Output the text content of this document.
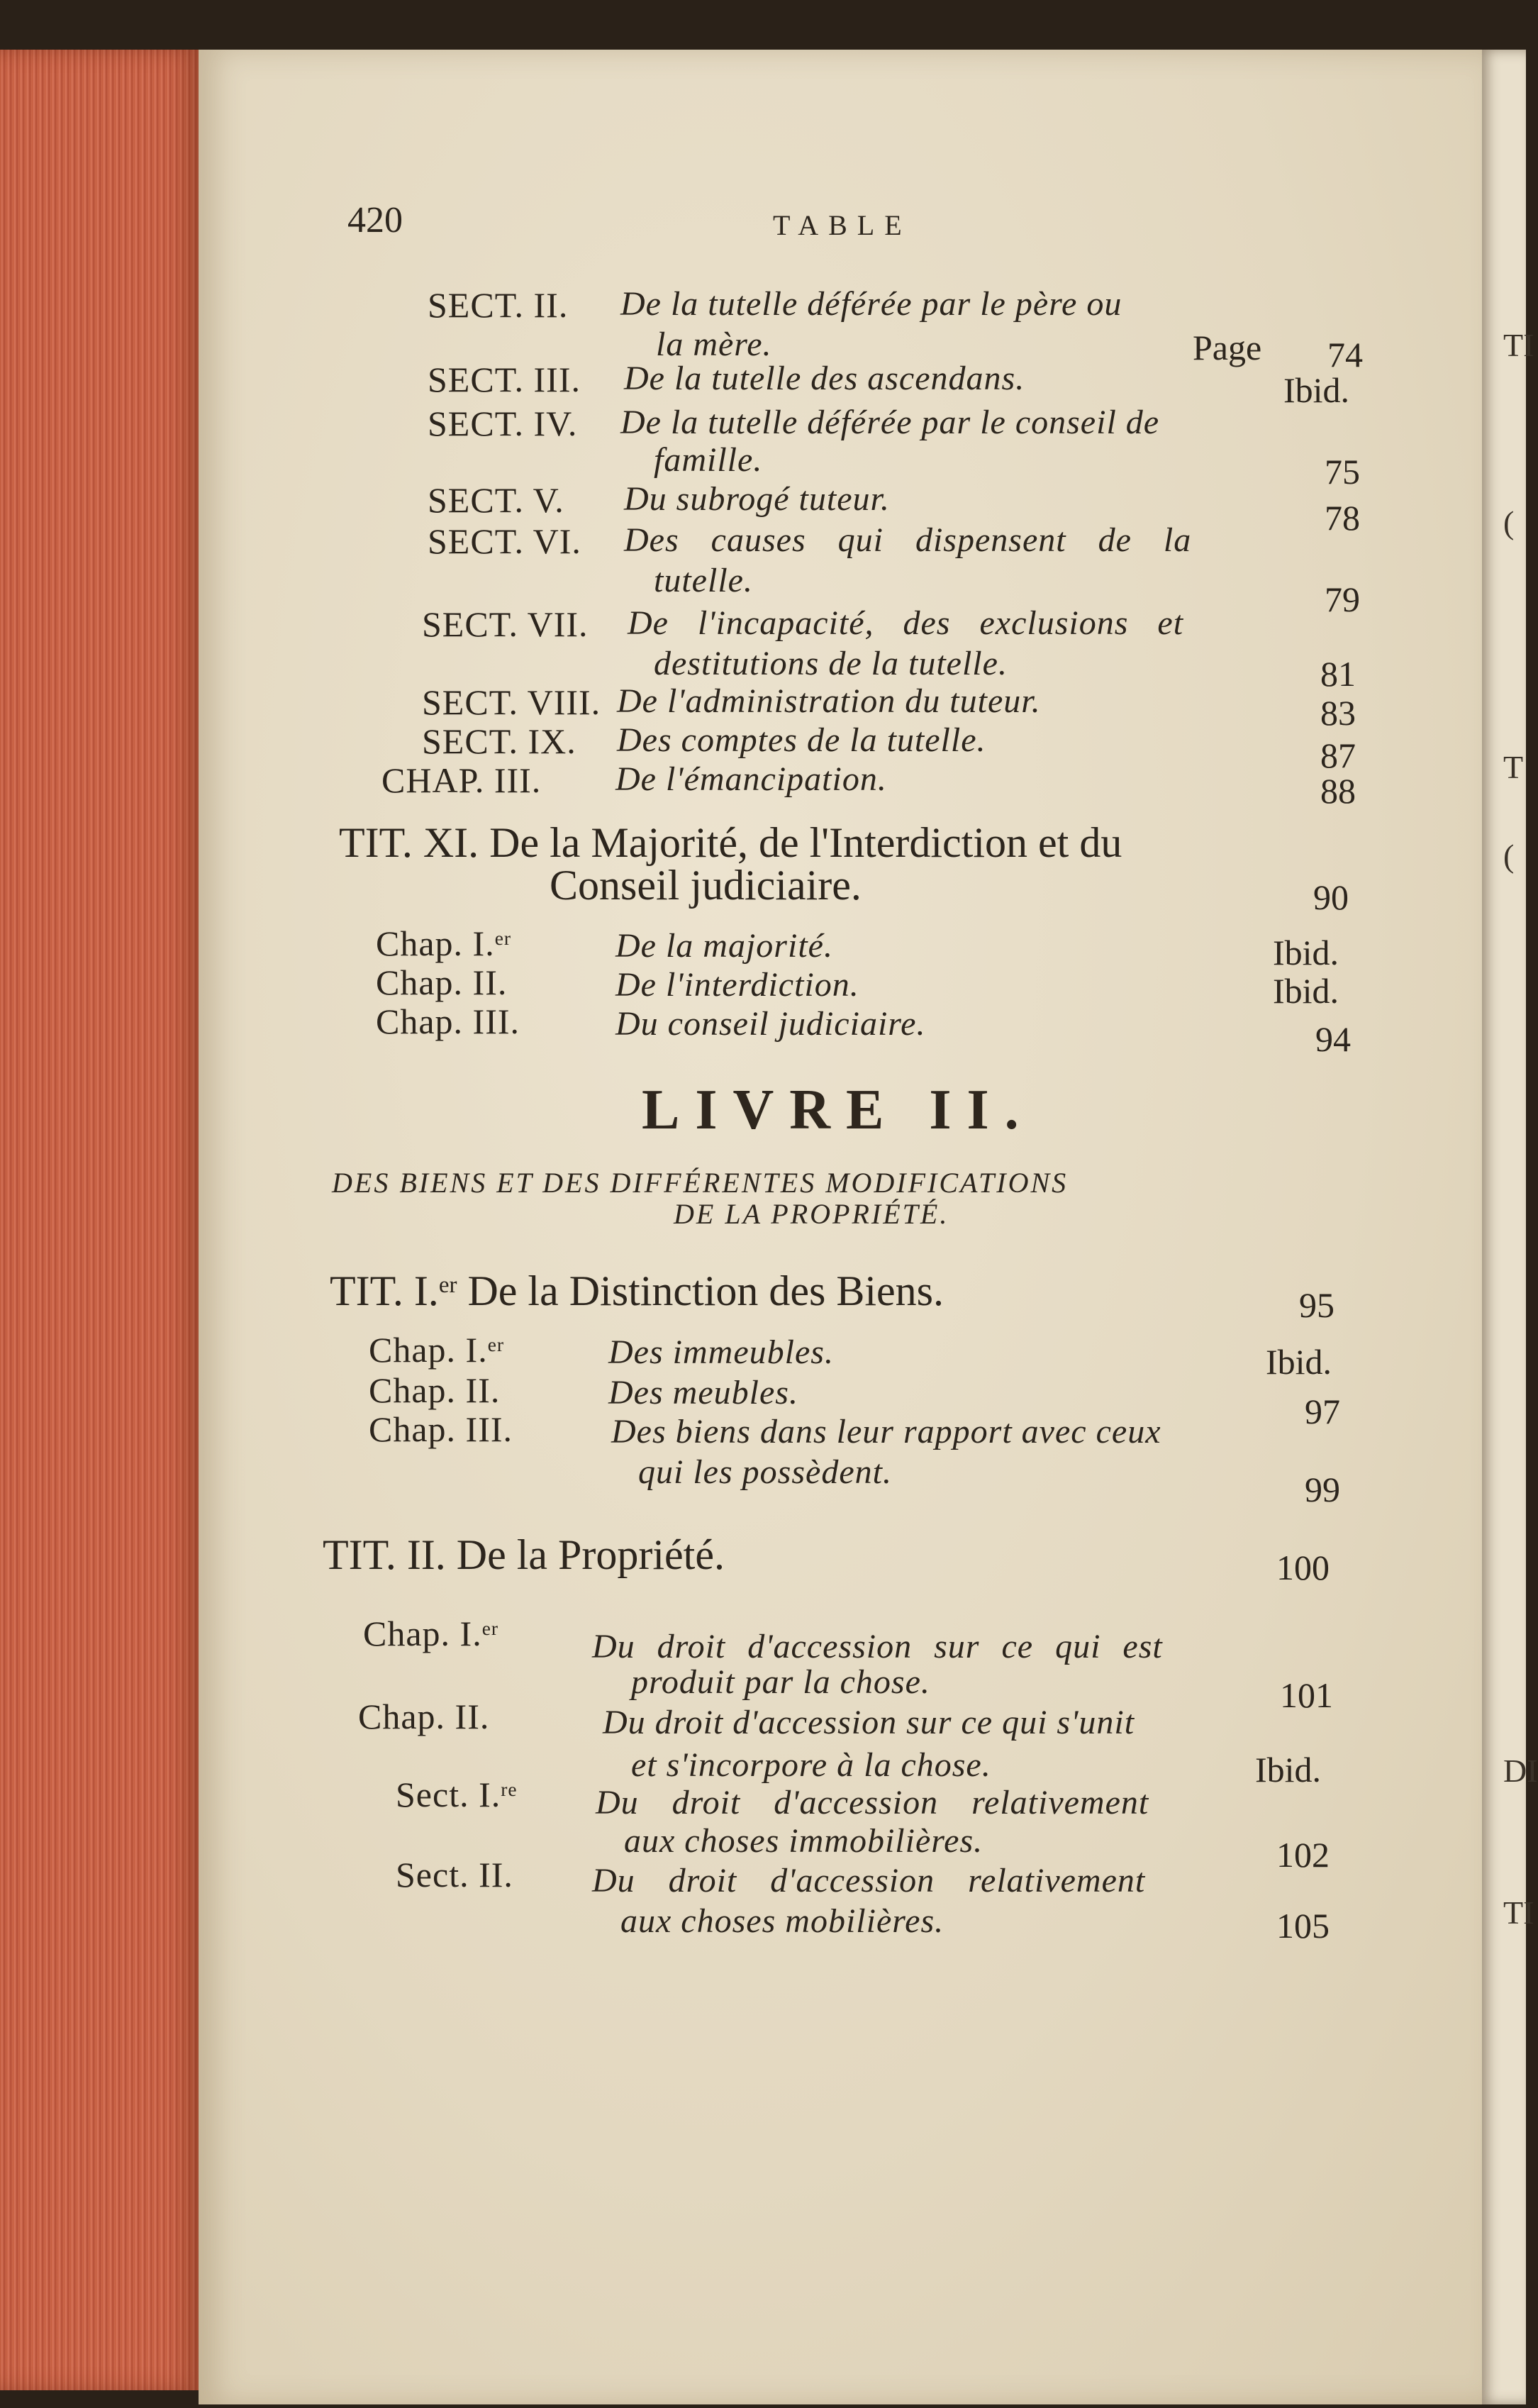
TI
(
T
(
DI
TI
420	TABLE
SECT. II. De la tutelle déférée par le père ou
la mère.	Page 74
SECT. III. De la tutelle des ascendans.	Ibid.
SECT. IV. De la tutelle déférée par le conseil de
famille.	75
SECT. V. Du subrogé tuteur.	78
SECT. VI. Des causes qui dispensent de la
tutelle.	79
SECT. VII. De l'incapacité, des exclusions et
destitutions de la tutelle.	81
SECT. VIII. De l'administration du tuteur.	83
SECT. IX. Des comptes de la tutelle.	87
CHAP. III. De l'émancipation.	88
TIT. XI. De la Majorité, de l'Interdiction et du
Conseil judiciaire.	90
Chap. I.$^{er}$	De la majorité.	Ibid.
Chap. II.	De l'interdiction.	Ibid.
Chap. III.	Du conseil judiciaire.	94
LIVRE II.
DES BIENS ET DES DIFFÉRENTES MODIFICATIONS
DE LA PROPRIÉTÉ.
TIT. I.$^{er}$ De la Distinction des Biens.	95
Chap. I.$^{er}$	Des immeubles.	Ibid.
Chap. II.	Des meubles.	97
Chap. III.	Des biens dans leur rapport avec ceux
qui les possèdent.	99
TIT. II. De la Propriété.	100
Chap. I.$^{er}$	Du droit d'accession sur ce qui est
produit par la chose.	101
Chap. II.	Du droit d'accession sur ce qui s'unit
et s'incorpore à la chose.	Ibid.
Sect. I.$^{re}$ Du droit d'accession relativement
aux choses immobilières.	102
Sect. II. Du droit d'accession relativement
aux choses mobilières.	105
